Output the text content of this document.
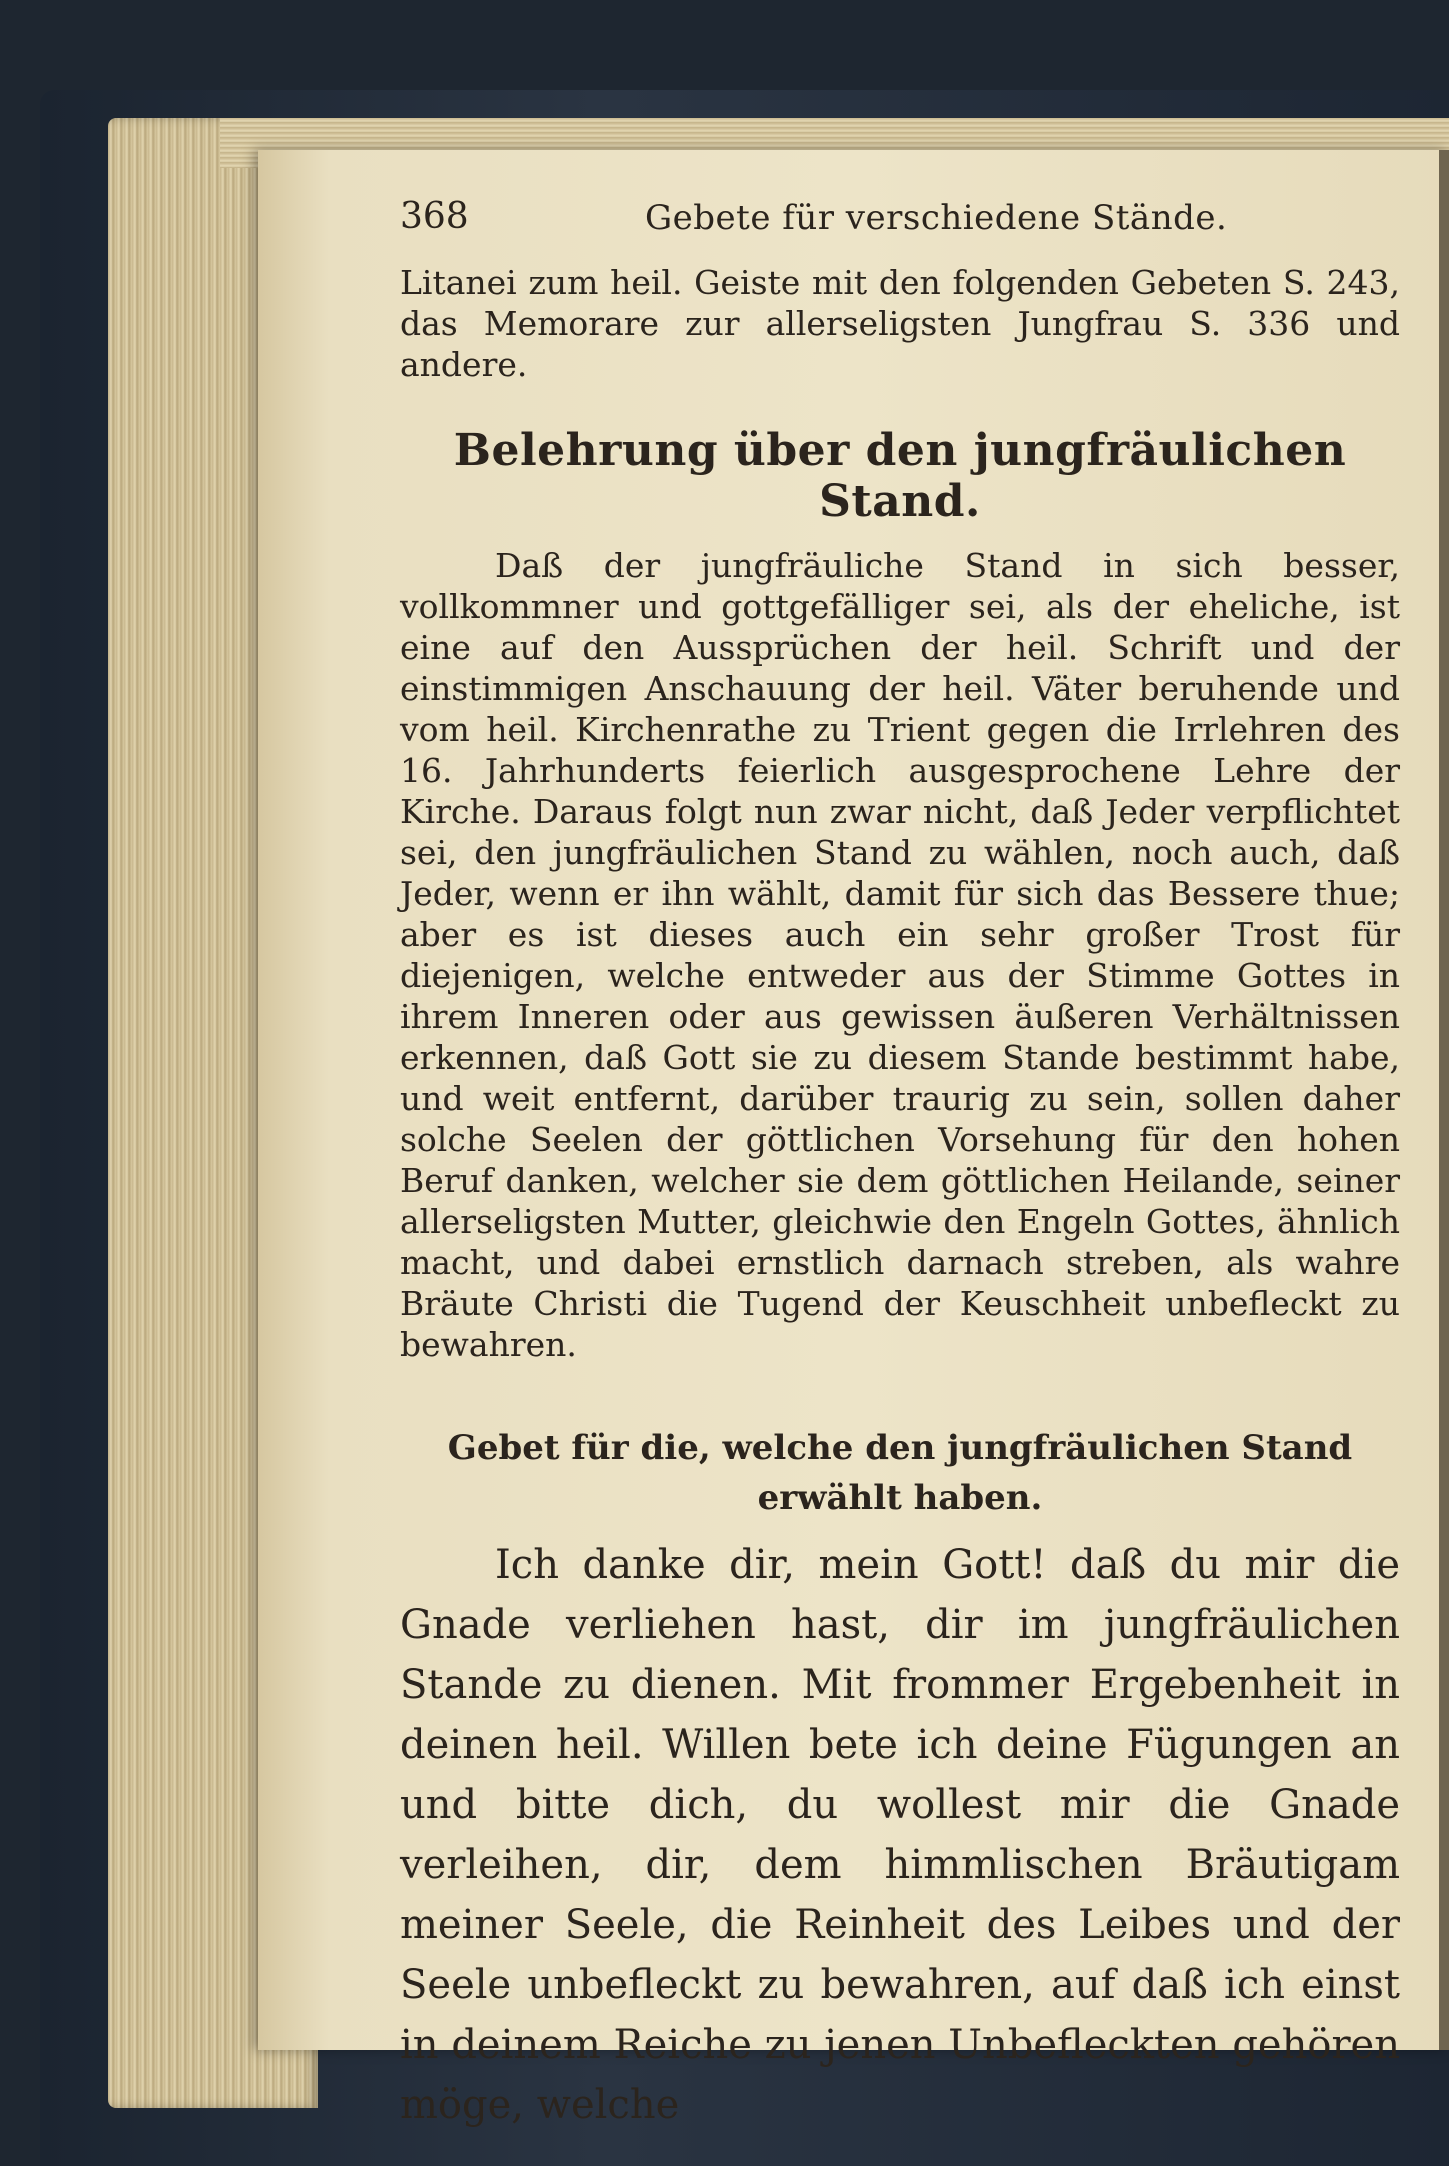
368	Gebete für verschiedene Stände.

Litanei zum heil. Geiste mit den folgenden Gebeten S. 243, das Memorare zur allerseligsten Jungfrau S. 336 und andere.

Belehrung über den jungfräulichen Stand.

Daß der jungfräuliche Stand in sich besser, vollkommner und gottgefälliger sei, als der eheliche, ist eine auf den Aussprüchen der heil. Schrift und der einstimmigen Anschauung der heil. Väter beruhende und vom heil. Kirchenrathe zu Trient gegen die Irrlehren des 16. Jahrhunderts feierlich ausgesprochene Lehre der Kirche. Daraus folgt nun zwar nicht, daß Jeder verpflichtet sei, den jungfräulichen Stand zu wählen, noch auch, daß Jeder, wenn er ihn wählt, damit für sich das Bessere thue; aber es ist dieses auch ein sehr großer Trost für diejenigen, welche entweder aus der Stimme Gottes in ihrem Inneren oder aus gewissen äußeren Verhältnissen erkennen, daß Gott sie zu diesem Stande bestimmt habe, und weit entfernt, darüber traurig zu sein, sollen daher solche Seelen der göttlichen Vorsehung für den hohen Beruf danken, welcher sie dem göttlichen Heilande, seiner allerseligsten Mutter, gleichwie den Engeln Gottes, ähnlich macht, und dabei ernstlich darnach streben, als wahre Bräute Christi die Tugend der Keuschheit unbefleckt zu bewahren.

Gebet für die, welche den jungfräulichen Stand
erwählt haben.

Ich danke dir, mein Gott! daß du mir die Gnade verliehen hast, dir im jungfräulichen Stande zu dienen. Mit frommer Ergebenheit in deinen heil. Willen bete ich deine Fügungen an und bitte dich, du wollest mir die Gnade verleihen, dir, dem himmlischen Bräutigam meiner Seele, die Reinheit des Leibes und der Seele unbefleckt zu bewahren, auf daß ich einst in deinem Reiche zu jenen Unbefleckten gehören möge, welche
